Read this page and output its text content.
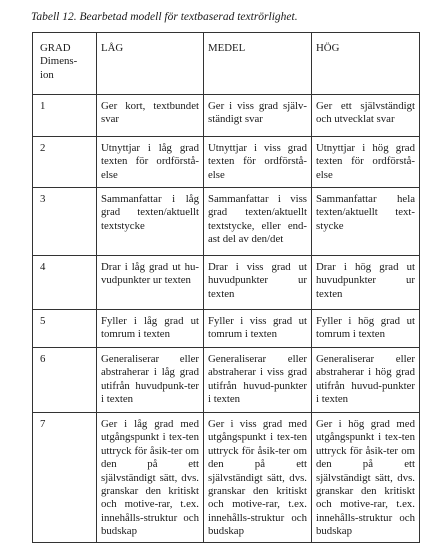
Tabell 12. Bearbetad modell för textbaserad textrörlighet.
GRAD
Dimens-
ion	LÅG	MEDEL	HÖG
1	Ger kort, textbundet svar	Ger i viss grad själv-ständigt svar	Ger ett självständigt och utvecklat svar
2	Utnyttjar i låg grad texten för ordförstå-else	Utnyttjar i viss grad texten för ordförstå-else	Utnyttjar i hög grad texten för ordförstå-else
3	Sammanfattar i låg grad texten/aktuellt textstycke	Sammanfattar i viss grad texten/aktuellt textstycke, eller end-ast del av den/det	Sammanfattar hela texten/aktuellt text-stycke
4	Drar i låg grad ut hu-vudpunkter ur texten	Drar i viss grad ut huvudpunkter ur texten	Drar i hög grad ut huvudpunkter ur texten
5	Fyller i låg grad ut tomrum i texten	Fyller i viss grad ut tomrum i texten	Fyller i hög grad ut tomrum i texten
6	Generaliserar eller abstraherar i låg grad utifrån huvudpunk-ter i texten	Generaliserar eller abstraherar i viss grad utifrån huvud-punkter i texten	Generaliserar eller abstraherar i hög grad utifrån huvud-punkter i texten
7	Ger i låg grad med utgångspunkt i tex-ten uttryck för åsik-ter om den på ett självständigt sätt, dvs. granskar den kritiskt och motive-rar, t.ex. innehålls-struktur och budskap	Ger i viss grad med utgångspunkt i tex-ten uttryck för åsik-ter om den på ett självständigt sätt, dvs. granskar den kritiskt och motive-rar, t.ex. innehålls-struktur och budskap	Ger i hög grad med utgångspunkt i tex-ten uttryck för åsik-ter om den på ett självständigt sätt, dvs. granskar den kritiskt och motive-rar, t.ex. innehålls-struktur och budskap
